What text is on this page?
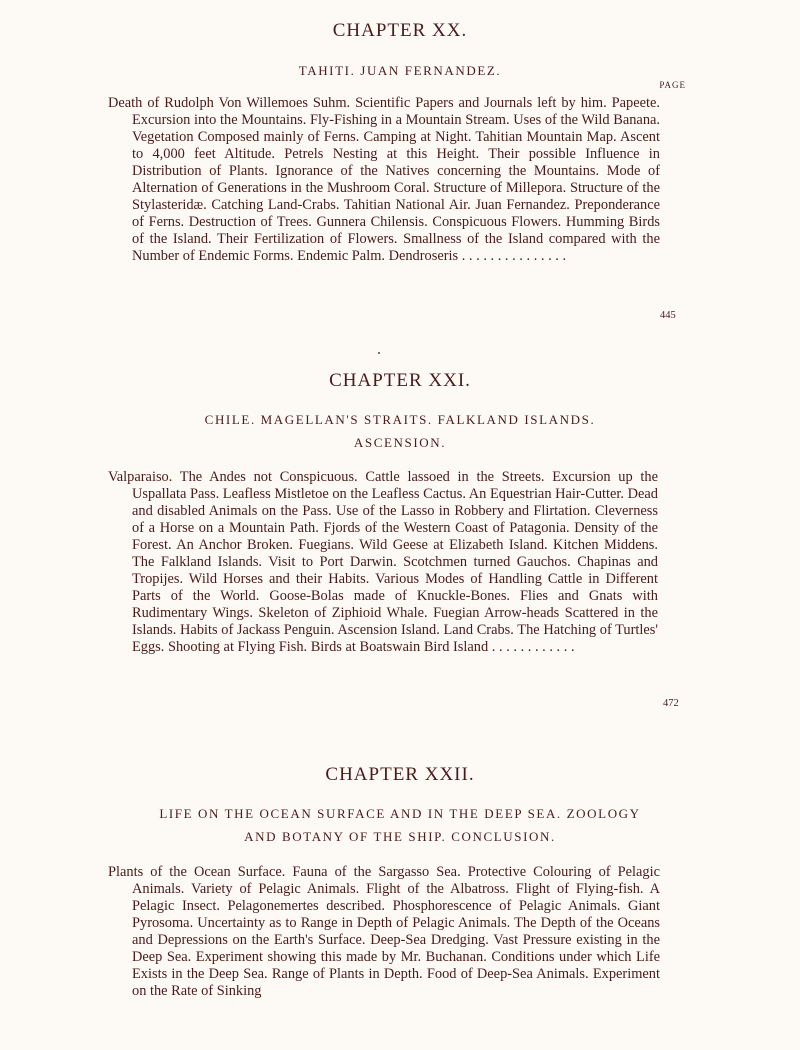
CHAPTER XX.
TAHITI. JUAN FERNANDEZ.
PAGE
Death of Rudolph Von Willemoes Suhm. Scientific Papers and Journals left by him. Papeete. Excursion into the Mountains. Fly-Fishing in a Mountain Stream. Uses of the Wild Banana. Vegetation Composed mainly of Ferns. Camping at Night. Tahitian Mountain Map. Ascent to 4,000 feet Altitude. Petrels Nesting at this Height. Their possible Influence in Distribution of Plants. Ignorance of the Natives concerning the Mountains. Mode of Alternation of Generations in the Mushroom Coral. Structure of Millepora. Structure of the Stylasteridæ. Catching Land-Crabs. Tahitian National Air. Juan Fernandez. Preponderance of Ferns. Destruction of Trees. Gunnera Chilensis. Conspicuous Flowers. Humming Birds of the Island. Their Fertilization of Flowers. Smallness of the Island compared with the Number of Endemic Forms. Endemic Palm. Dendroseris . . . . . . . . . . . . . . .
445
CHAPTER XXI.
CHILE. MAGELLAN'S STRAITS. FALKLAND ISLANDS.
ASCENSION.
Valparaiso. The Andes not Conspicuous. Cattle lassoed in the Streets. Excursion up the Uspallata Pass. Leafless Mistletoe on the Leafless Cactus. An Equestrian Hair-Cutter. Dead and disabled Animals on the Pass. Use of the Lasso in Robbery and Flirtation. Cleverness of a Horse on a Mountain Path. Fjords of the Western Coast of Patagonia. Density of the Forest. An Anchor Broken. Fuegians. Wild Geese at Elizabeth Island. Kitchen Middens. The Falkland Islands. Visit to Port Darwin. Scotchmen turned Gauchos. Chapinas and Tropijes. Wild Horses and their Habits. Various Modes of Handling Cattle in Different Parts of the World. Goose-Bolas made of Knuckle-Bones. Flies and Gnats with Rudimentary Wings. Skeleton of Ziphioid Whale. Fuegian Arrow-heads Scattered in the Islands. Habits of Jackass Penguin. Ascension Island. Land Crabs. The Hatching of Turtles' Eggs. Shooting at Flying Fish. Birds at Boatswain Bird Island . . . . . . . . . . . .
472
CHAPTER XXII.
LIFE ON THE OCEAN SURFACE AND IN THE DEEP SEA. ZOOLOGY
AND BOTANY OF THE SHIP. CONCLUSION.
Plants of the Ocean Surface. Fauna of the Sargasso Sea. Protective Colouring of Pelagic Animals. Variety of Pelagic Animals. Flight of the Albatross. Flight of Flying-fish. A Pelagic Insect. Pelagonemertes described. Phosphorescence of Pelagic Animals. Giant Pyrosoma. Uncertainty as to Range in Depth of Pelagic Animals. The Depth of the Oceans and Depressions on the Earth's Surface. Deep-Sea Dredging. Vast Pressure existing in the Deep Sea. Experiment showing this made by Mr. Buchanan. Conditions under which Life Exists in the Deep Sea. Range of Plants in Depth. Food of Deep-Sea Animals. Experiment on the Rate of Sinking
